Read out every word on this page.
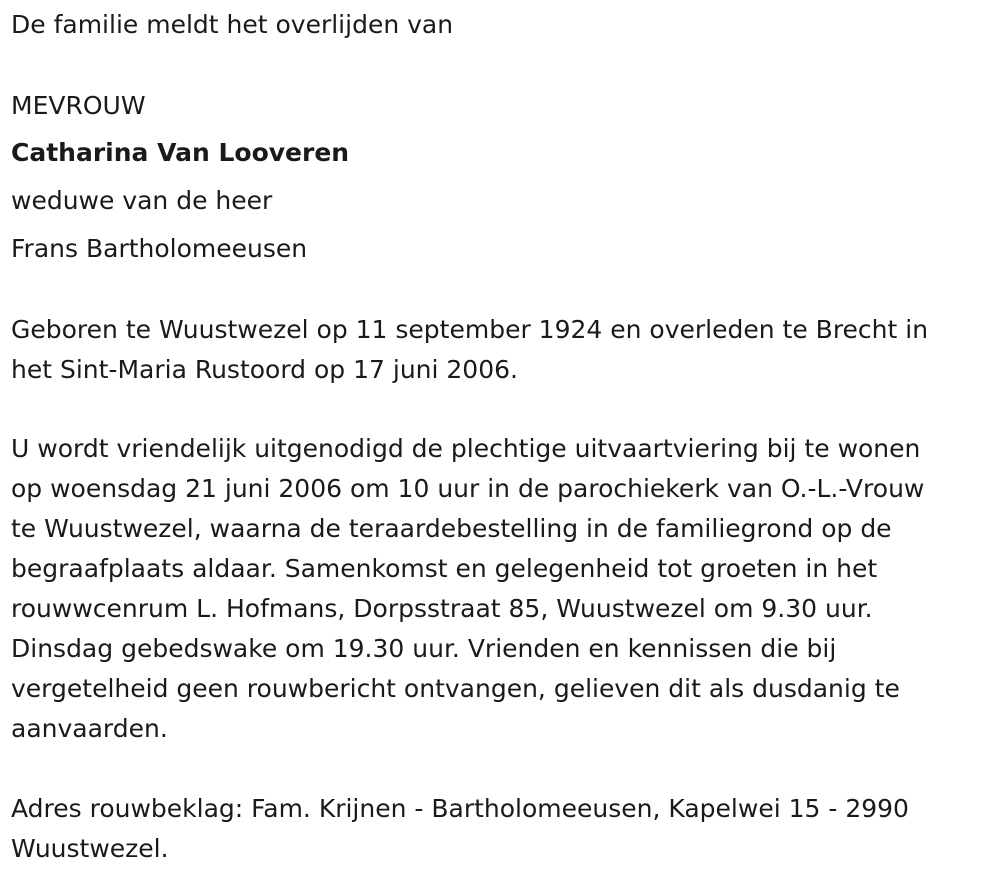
De familie meldt het overlijden van
MEVROUW
Catharina Van Looveren
weduwe van de heer
Frans Bartholomeeusen
Geboren te Wuustwezel op 11 september 1924 en overleden te Brecht in
het Sint-Maria Rustoord op 17 juni 2006.
U wordt vriendelijk uitgenodigd de plechtige uitvaartviering bij te wonen
op woensdag 21 juni 2006 om 10 uur in de parochiekerk van O.-L.-Vrouw
te Wuustwezel, waarna de teraardebestelling in de familiegrond op de
begraafplaats aldaar. Samenkomst en gelegenheid tot groeten in het
rouwwcenrum L. Hofmans, Dorpsstraat 85, Wuustwezel om 9.30 uur.
Dinsdag gebedswake om 19.30 uur. Vrienden en kennissen die bij
vergetelheid geen rouwbericht ontvangen, gelieven dit als dusdanig te
aanvaarden.
Adres rouwbeklag: Fam. Krijnen - Bartholomeeusen, Kapelwei 15 - 2990
Wuustwezel.
